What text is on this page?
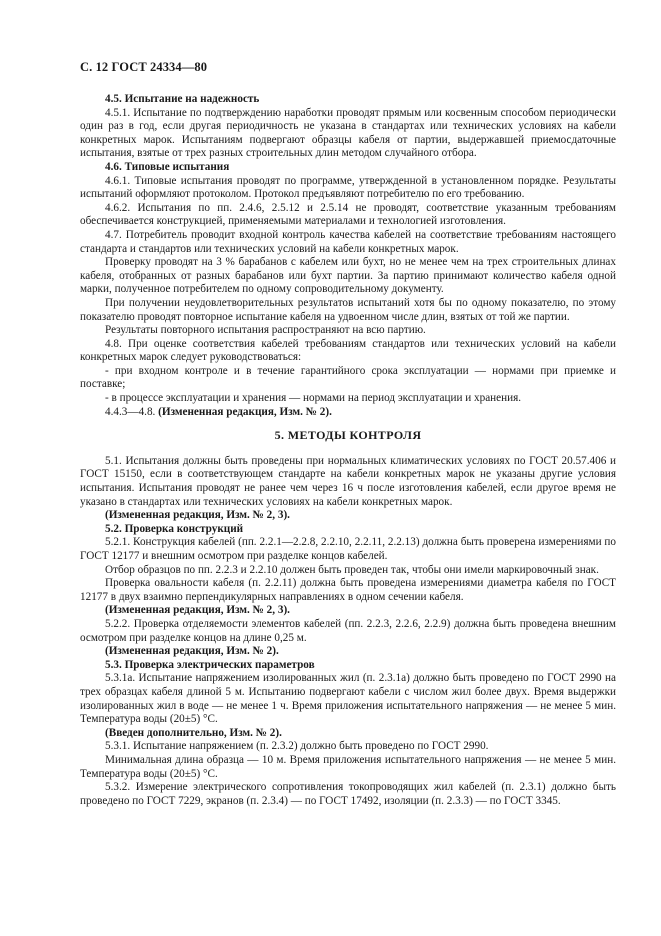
С. 12 ГОСТ 24334—80

4.5. Испытание на надежность

4.5.1. Испытание по подтверждению наработки проводят прямым или косвенным способом периодически один раз в год, если другая периодичность не указана в стандартах или технических условиях на кабели конкретных марок. Испытаниям подвергают образцы кабеля от партии, выдержавшей приемосдаточные испытания, взятые от трех разных строительных длин методом случайного отбора.

4.6. Типовые испытания

4.6.1. Типовые испытания проводят по программе, утвержденной в установленном порядке. Результаты испытаний оформляют протоколом. Протокол предъявляют потребителю по его требованию.

4.6.2. Испытания по пп. 2.4.6, 2.5.12 и 2.5.14 не проводят, соответствие указанным требованиям обеспечивается конструкцией, применяемыми материалами и технологией изготовления.

4.7. Потребитель проводит входной контроль качества кабелей на соответствие требованиям настоящего стандарта и стандартов или технических условий на кабели конкретных марок.

Проверку проводят на 3 % барабанов с кабелем или бухт, но не менее чем на трех строительных длинах кабеля, отобранных от разных барабанов или бухт партии. За партию принимают количество кабеля одной марки, полученное потребителем по одному сопроводительному документу.

При получении неудовлетворительных результатов испытаний хотя бы по одному показателю, по этому показателю проводят повторное испытание кабеля на удвоенном числе длин, взятых от той же партии.

Результаты повторного испытания распространяют на всю партию.

4.8. При оценке соответствия кабелей требованиям стандартов или технических условий на кабели конкретных марок следует руководствоваться:

- при входном контроле и в течение гарантийного срока эксплуатации — нормами при приемке и поставке;

- в процессе эксплуатации и хранения — нормами на период эксплуатации и хранения.

4.4.3—4.8. (Измененная редакция, Изм. № 2).

5. МЕТОДЫ КОНТРОЛЯ

5.1. Испытания должны быть проведены при нормальных климатических условиях по ГОСТ 20.57.406 и ГОСТ 15150, если в соответствующем стандарте на кабели конкретных марок не указаны другие условия испытания. Испытания проводят не ранее чем через 16 ч после изготовления кабелей, если другое время не указано в стандартах или технических условиях на кабели конкретных марок.

(Измененная редакция, Изм. № 2, 3).

5.2. Проверка конструкций

5.2.1. Конструкция кабелей (пп. 2.2.1—2.2.8, 2.2.10, 2.2.11, 2.2.13) должна быть проверена измерениями по ГОСТ 12177 и внешним осмотром при разделке концов кабелей.

Отбор образцов по пп. 2.2.3 и 2.2.10 должен быть проведен так, чтобы они имели маркировочный знак.

Проверка овальности кабеля (п. 2.2.11) должна быть проведена измерениями диаметра кабеля по ГОСТ 12177 в двух взаимно перпендикулярных направлениях в одном сечении кабеля.

(Измененная редакция, Изм. № 2, 3).

5.2.2. Проверка отделяемости элементов кабелей (пп. 2.2.3, 2.2.6, 2.2.9) должна быть проведена внешним осмотром при разделке концов на длине 0,25 м.

(Измененная редакция, Изм. № 2).

5.3. Проверка электрических параметров

5.3.1а. Испытание напряжением изолированных жил (п. 2.3.1а) должно быть проведено по ГОСТ 2990 на трех образцах кабеля длиной 5 м. Испытанию подвергают кабели с числом жил более двух. Время выдержки изолированных жил в воде — не менее 1 ч. Время приложения испытательного напряжения — не менее 5 мин. Температура воды (20±5) °С.

(Введен дополнительно, Изм. № 2).

5.3.1. Испытание напряжением (п. 2.3.2) должно быть проведено по ГОСТ 2990.

Минимальная длина образца — 10 м. Время приложения испытательного напряжения — не менее 5 мин. Температура воды (20±5) °С.

5.3.2. Измерение электрического сопротивления токопроводящих жил кабелей (п. 2.3.1) должно быть проведено по ГОСТ 7229, экранов (п. 2.3.4) — по ГОСТ 17492, изоляции (п. 2.3.3) — по ГОСТ 3345.
